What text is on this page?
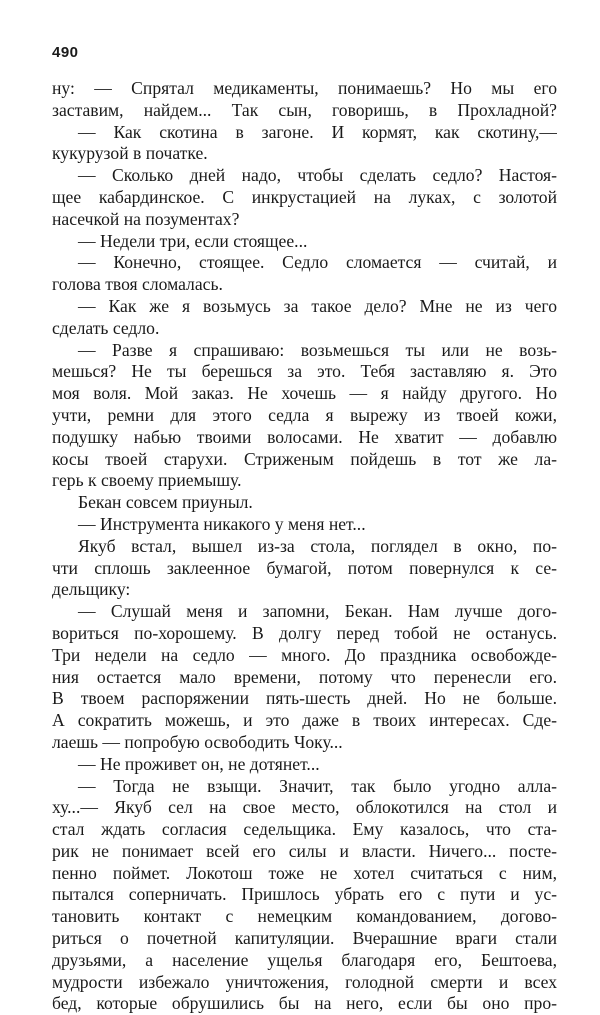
490
ну: — Спрятал медикаменты, понимаешь? Но мы его
заставим, найдем... Так сын, говоришь, в Прохладной?
— Как скотина в загоне. И кормят, как скотину,—
кукурузой в початке.
— Сколько дней надо, чтобы сделать седло? Настоя-
щее кабардинское. С инкрустацией на луках, с золотой
насечкой на позументах?
— Недели три, если стоящее...
— Конечно, стоящее. Седло сломается — считай, и
голова твоя сломалась.
— Как же я возьмусь за такое дело? Мне не из чего
сделать седло.
— Разве я спрашиваю: возьмешься ты или не возь-
мешься? Не ты берешься за это. Тебя заставляю я. Это
моя воля. Мой заказ. Не хочешь — я найду другого. Но
учти, ремни для этого седла я вырежу из твоей кожи,
подушку набью твоими волосами. Не хватит — добавлю
косы твоей старухи. Стриженым пойдешь в тот же ла-
герь к своему приемышу.
Бекан совсем приуныл.
— Инструмента никакого у меня нет...
Якуб встал, вышел из-за стола, поглядел в окно, по-
чти сплошь заклеенное бумагой, потом повернулся к се-
дельщику:
— Слушай меня и запомни, Бекан. Нам лучше дого-
вориться по-хорошему. В долгу перед тобой не останусь.
Три недели на седло — много. До праздника освобожде-
ния остается мало времени, потому что перенесли его.
В твоем распоряжении пять-шесть дней. Но не больше.
А сократить можешь, и это даже в твоих интересах. Сде-
лаешь — попробую освободить Чоку...
— Не проживет он, не дотянет...
— Тогда не взыщи. Значит, так было угодно алла-
ху...— Якуб сел на свое место, облокотился на стол и
стал ждать согласия седельщика. Ему казалось, что ста-
рик не понимает всей его силы и власти. Ничего... посте-
пенно поймет. Локотош тоже не хотел считаться с ним,
пытался соперничать. Пришлось убрать его с пути и ус-
тановить контакт с немецким командованием, догово-
риться о почетной капитуляции. Вчерашние враги стали
друзьями, а население ущелья благодаря его, Бештоева,
мудрости избежало уничтожения, голодной смерти и всех
бед, которые обрушились бы на него, если бы оно про-
